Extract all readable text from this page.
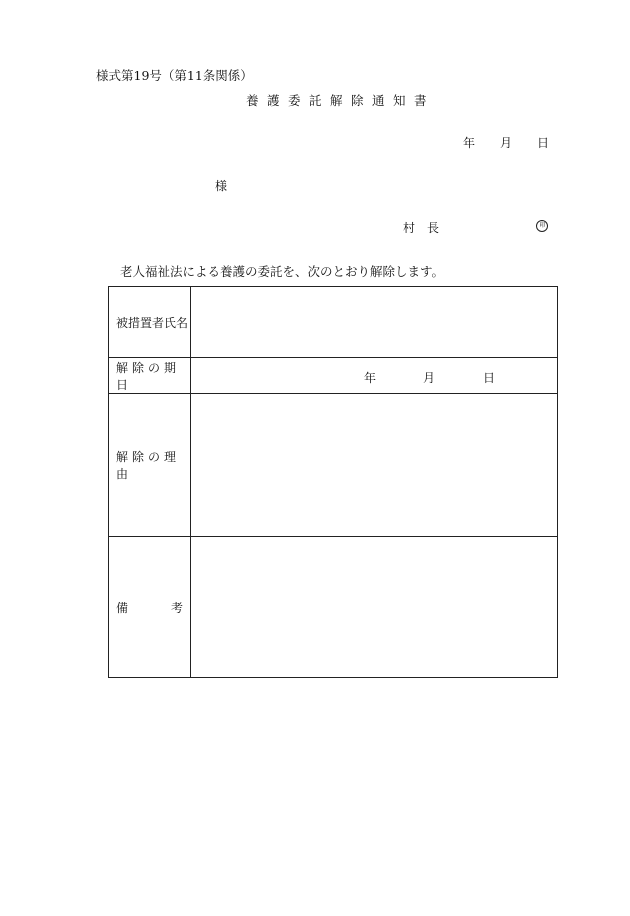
様式第19号（第11条関係）
養護委託解除通知書
年 月 日
様
村長	印
老人福祉法による養護の委託を、次のとおり解除します。
被措置者氏名
解除の期日	年	月	日
解除の理由
備	考
